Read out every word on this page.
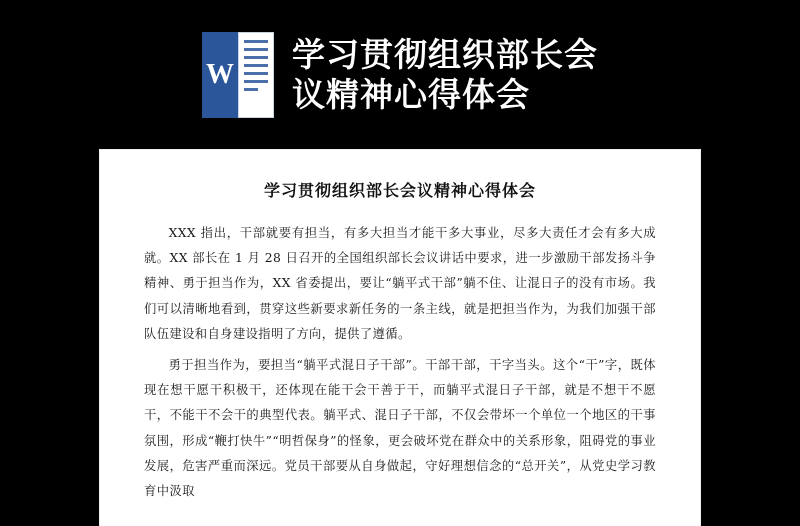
W
学习贯彻组织部长会
议精神心得体会
学习贯彻组织部长会议精神心得体会

XXX 指出，干部就要有担当，有多大担当才能干多大事业，尽多大责任才会有多大成就。XX 部长在 1 月 28 日召开的全国组织部长会议讲话中要求，进一步激励干部发扬斗争精神、勇于担当作为，XX 省委提出，要让“躺平式干部”躺不住、让混日子的没有市场。我们可以清晰地看到，贯穿这些新要求新任务的一条主线，就是把担当作为，为我们加强干部队伍建设和自身建设指明了方向，提供了遵循。

勇于担当作为，要担当“躺平式混日子干部”。干部干部，干字当头。这个“干”字，既体现在想干愿干积极干，还体现在能干会干善于干，而躺平式混日子干部，就是不想干不愿干，不能干不会干的典型代表。躺平式、混日子干部，不仅会带坏一个单位一个地区的干事氛围，形成“鞭打快牛”“明哲保身”的怪象，更会破坏党在群众中的关系形象，阻碍党的事业发展，危害严重而深远。党员干部要从自身做起，守好理想信念的“总开关”，从党史学习教育中汲取
